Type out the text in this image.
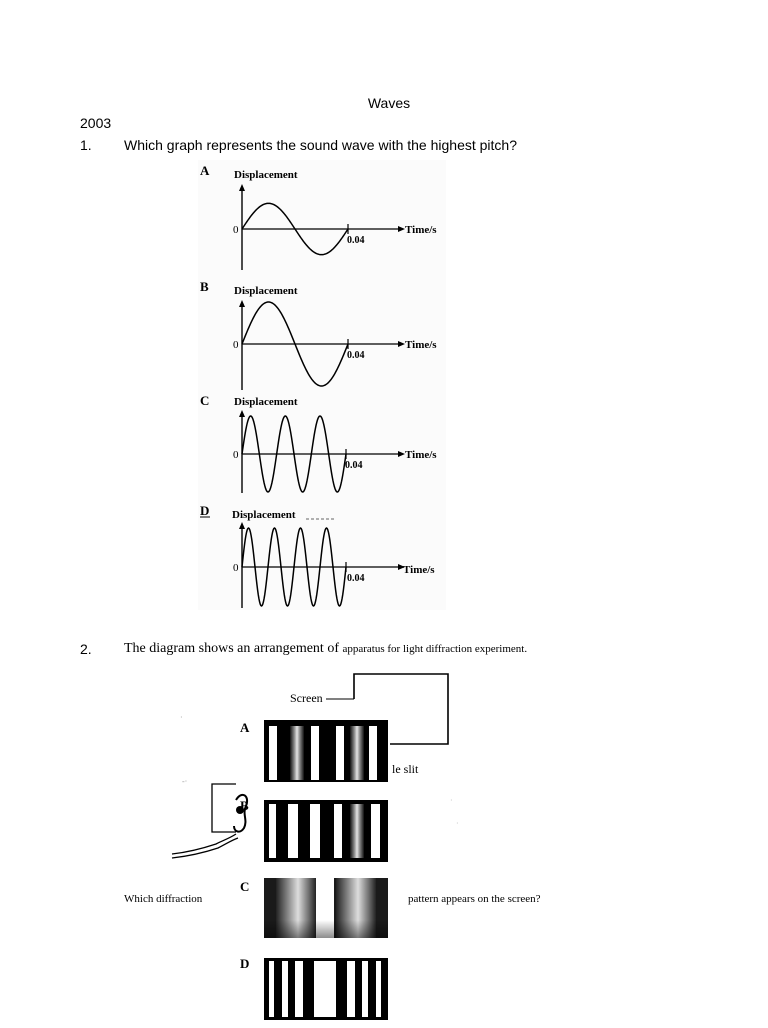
Waves
2003
1. Which graph represents the sound wave with the highest pitch?
A Displacement
0
0.04
Time/s
B Displacement
0
0.04
Time/s
C Displacement
0
0.04
Time/s
D Displacement
0
0.04
Time/s
2. The diagram shows an arrangement of apparatus for light diffraction experiment.
Screen
le slit
·
-·
·
·
A
B
C
D
Which diffraction	pattern appears on the screen?
